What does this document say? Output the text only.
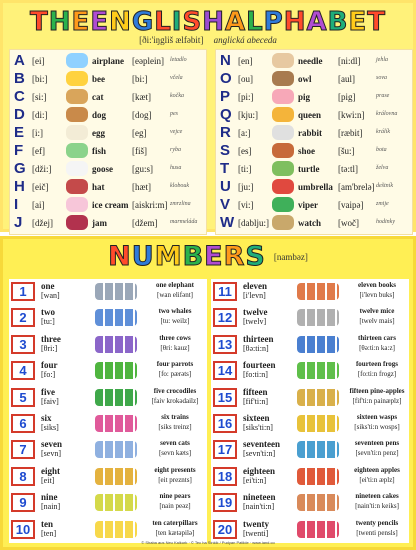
THEENGLISHALPHABET
[ði:'iŋgliš ælfəbit] anglická abeceda
A [ei]	airplane [eəplein] letadlo
B [bi:]	bee	[bi:]	včela
C [si:]	cat	[kæt]	kočka
D [di:]	dog	[dog]	pes
E [i:]	egg	[eg]	vejce
F [ef]	fish	[fiš]	ryba
G [dži:]	goose [gu:s]	husa
H [eič]	hat	[hæt]	klobouk
I [ai]	ice cream [aiskri:m] zmrzlina
J [džej]	jam	[džem] marmeláda
N [en]	needle [ni:dl]	jehla
O [ou]	owl	[aul]	sova
P [pi:]	pig	[pig]	prase
Q [kju:]	queen [kwi:n] královna
R [a:]	rabbit [ræbit] králík
S [es]	shoe	[šu:]	bota
T [ti:]	turtle [tə:tl]	želva
U [ju:]	umbrella [am'brelə] deštník
V [vi:]	viper [vaipə] zmije
W [dablju:]	watch [woč]	hodinky
NUMBERS [nambəz]
1	one
[wan]
one elephant
[wan elifənt]
2	two
[tu:]
two whales
[tu: weilz]
3	three
[θri:]
three cows
[θri: kauz]
4	four
[fo:]
four parrots
[fo: pærəts]
5	five
[faiv]
five crocodiles
[faiv krokədailz]
6	six
[siks]
six trains
[siks treinz]
7	seven
[sevn]
seven cats
[sevn kæts]
8	eight
[eit]
eight presents
[eit preznts]
9	nine
[nain]
nine pears
[nain peəz]
10	ten
[ten]
ten caterpillars
[ten kætəpilə]
11	eleven
[i'levn]
eleven books
[i'levn buks]
12	twelve
[twelv]
twelve mice
[twelv mais]
13	thirteen
[θə:ti:n]
thirteen cars
[θə:ti:n ka:z]
14	fourteen
[fo:ti:n]
fourteen frogs
[fo:ti:n frogz]
15	fifteen
[fif'ti:n]
fifteen pine-apples
[fif'ti:n painæplz]
16	sixteen
[siks'ti:n]
sixteen wasps
[siks'ti:n wosps]
17	seventeen
[sevn'ti:n]
seventeen pens
[sevn'ti:n penz]
18	eighteen
[ei'ti:n]
eighteen apples
[ei'ti:n æplz]
19	nineteen
[nain'ti:n]
nineteen cakes
[nain'ti:n keiks]
20	twenty
[twenti]
twenty pencils
[twenti pensls]
© Shaba aus Neu Kalkurk · © Tec ha Sinkik / Pudyan Patlide · www.iand.co
